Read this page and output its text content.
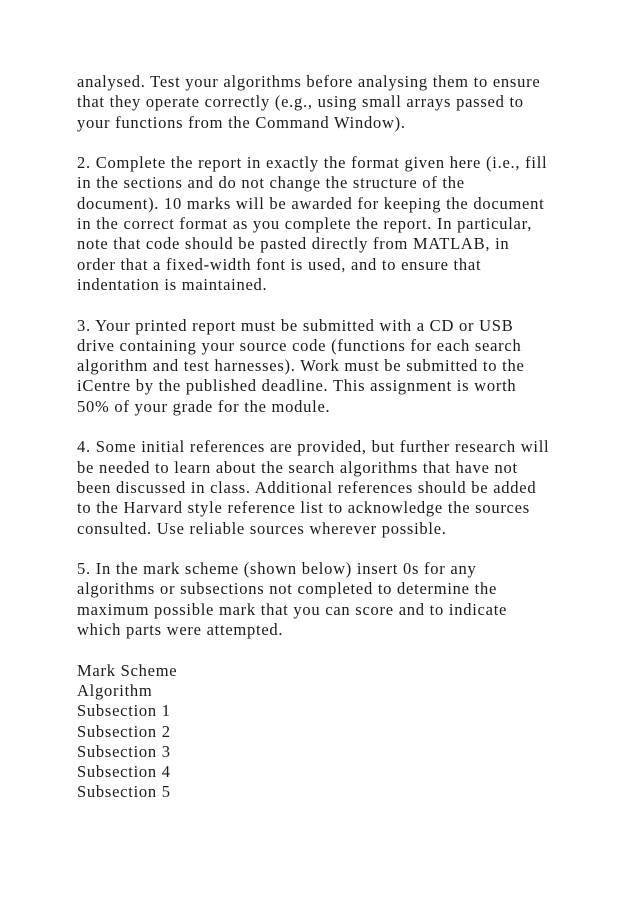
analysed. Test your algorithms before analysing them to ensure
that they operate correctly (e.g., using small arrays passed to
your functions from the Command Window).
2. Complete the report in exactly the format given here (i.e., fill
in the sections and do not change the structure of the
document). 10 marks will be awarded for keeping the document
in the correct format as you complete the report. In particular,
note that code should be pasted directly from MATLAB, in
order that a fixed-width font is used, and to ensure that
indentation is maintained.
3. Your printed report must be submitted with a CD or USB
drive containing your source code (functions for each search
algorithm and test harnesses). Work must be submitted to the
iCentre by the published deadline. This assignment is worth
50% of your grade for the module.
4. Some initial references are provided, but further research will
be needed to learn about the search algorithms that have not
been discussed in class. Additional references should be added
to the Harvard style reference list to acknowledge the sources
consulted. Use reliable sources wherever possible.
5. In the mark scheme (shown below) insert 0s for any
algorithms or subsections not completed to determine the
maximum possible mark that you can score and to indicate
which parts were attempted.
Mark Scheme
Algorithm
Subsection 1
Subsection 2
Subsection 3
Subsection 4
Subsection 5
